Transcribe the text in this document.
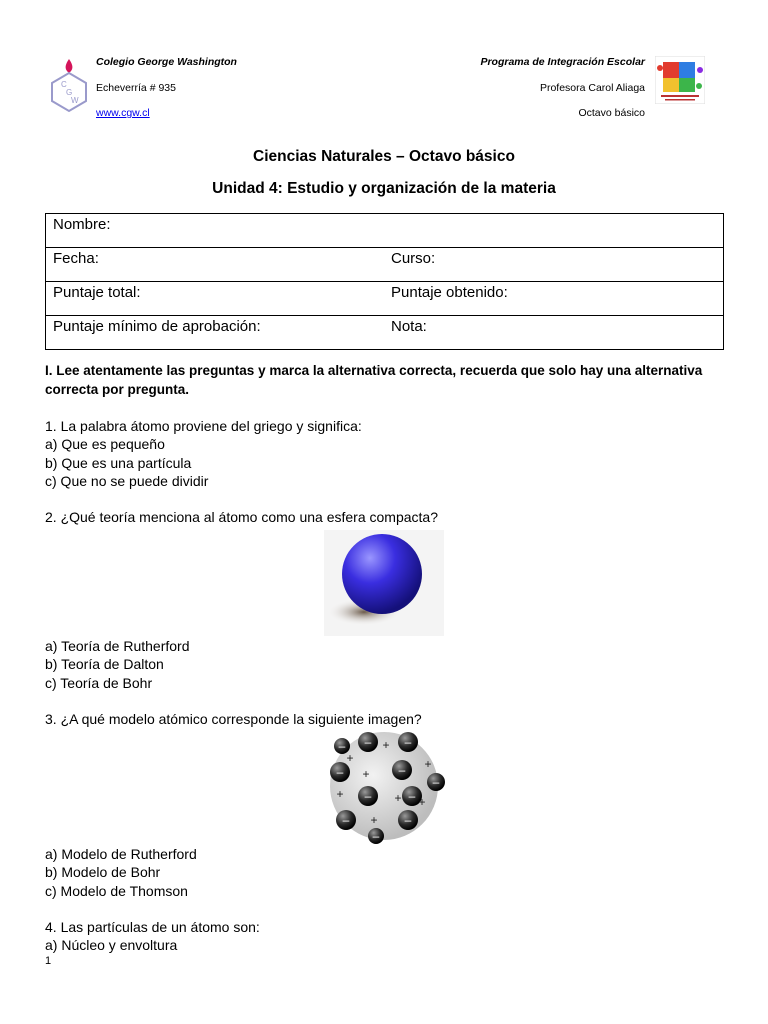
C
G
W
Colegio George Washington
Echeverría # 935
www.cgw.cl
Programa de Integración Escolar
Profesora Carol Aliaga
Octavo básico
Ciencias Naturales – Octavo básico
Unidad 4: Estudio y organización de la materia
Nombre:	
Fecha:	Curso:
Puntaje total:	Puntaje obtenido:
Puntaje mínimo de aprobación:	Nota:
I. Lee atentamente las preguntas y marca la alternativa correcta, recuerda que solo hay una alternativa correcta por pregunta.
1. La palabra átomo proviene del griego y significa:
a) Que es pequeño
b) Que es una partícula
c) Que no se puede dividir
2. ¿Qué teoría menciona al átomo como una esfera compacta?
a) Teoría de Rutherford
b) Teoría de Dalton
c) Teoría de Bohr
3. ¿A qué modelo atómico corresponde la siguiente imagen?
– –	–
–	–
–
–	–
–	–
–
+
+
+
+
+	+ +
+
a) Modelo de Rutherford
b) Modelo de Bohr
c) Modelo de Thomson
4. Las partículas de un átomo son:
a) Núcleo y envoltura
1
